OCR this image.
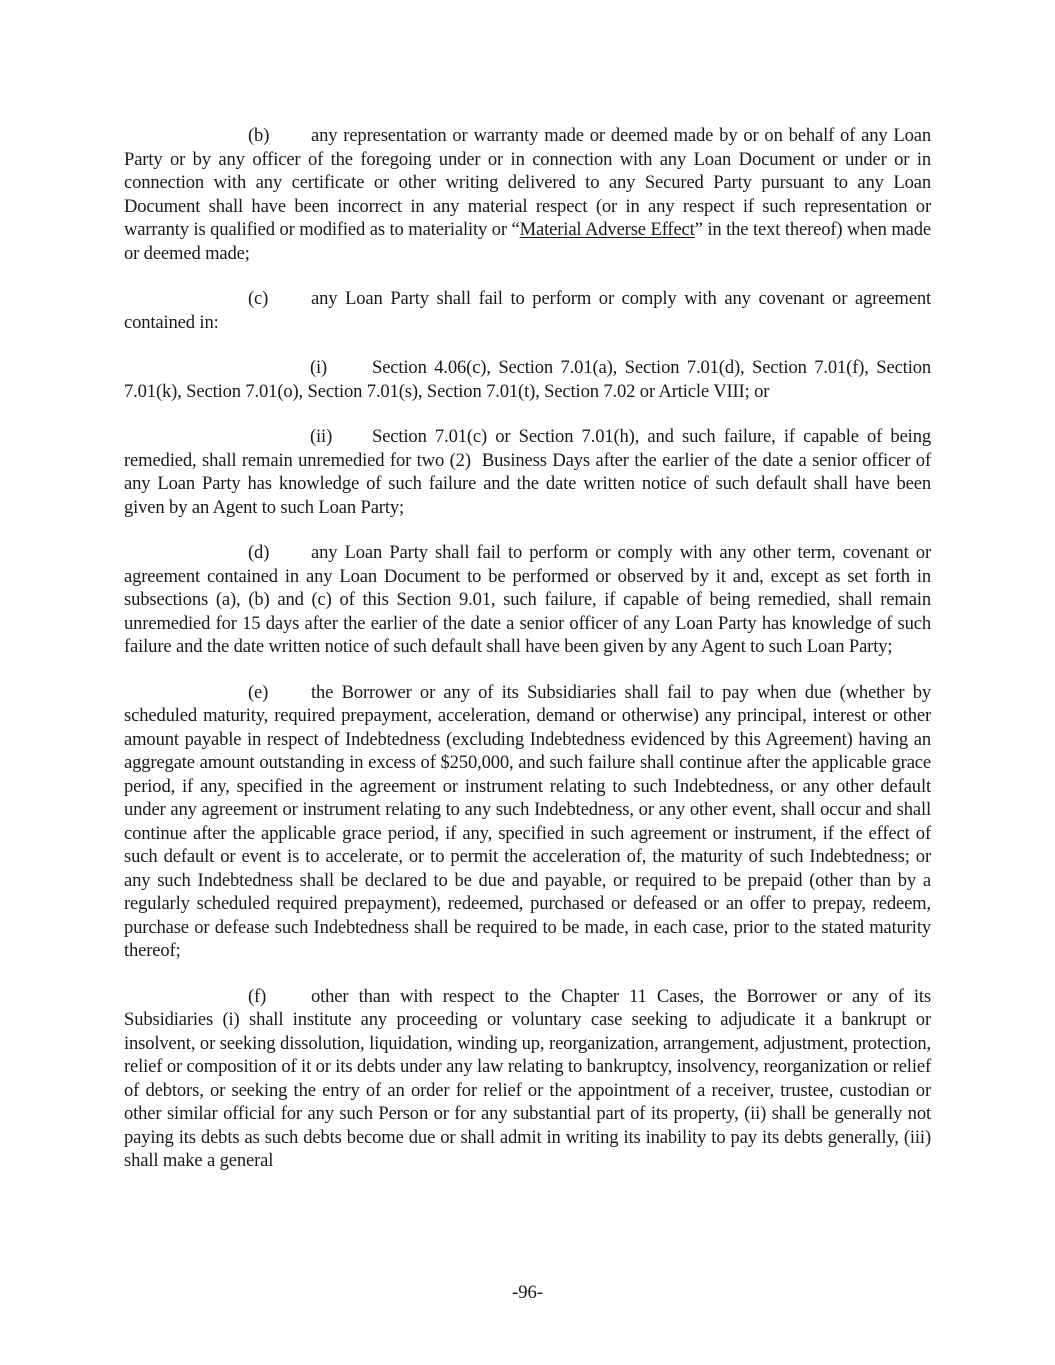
(b) any representation or warranty made or deemed made by or on behalf of any Loan Party or by any officer of the foregoing under or in connection with any Loan Document or under or in connection with any certificate or other writing delivered to any Secured Party pursuant to any Loan Document shall have been incorrect in any material respect (or in any respect if such representation or warranty is qualified or modified as to materiality or “Material Adverse Effect” in the text thereof) when made or deemed made;

(c) any Loan Party shall fail to perform or comply with any covenant or agreement contained in:

(i) Section 4.06(c), Section 7.01(a), Section 7.01(d), Section 7.01(f), Section 7.01(k), Section 7.01(o), Section 7.01(s), Section 7.01(t), Section 7.02 or Article VIII; or

(ii) Section 7.01(c) or Section 7.01(h), and such failure, if capable of being remedied, shall remain unremedied for two (2)  Business Days after the earlier of the date a senior officer of any Loan Party has knowledge of such failure and the date written notice of such default shall have been given by an Agent to such Loan Party;

(d) any Loan Party shall fail to perform or comply with any other term, covenant or agreement contained in any Loan Document to be performed or observed by it and, except as set forth in subsections (a), (b) and (c) of this Section 9.01, such failure, if capable of being remedied, shall remain unremedied for 15 days after the earlier of the date a senior officer of any Loan Party has knowledge of such failure and the date written notice of such default shall have been given by any Agent to such Loan Party;

(e) the Borrower or any of its Subsidiaries shall fail to pay when due (whether by scheduled maturity, required prepayment, acceleration, demand or otherwise) any principal, interest or other amount payable in respect of Indebtedness (excluding Indebtedness evidenced by this Agreement) having an aggregate amount outstanding in excess of $250,000, and such failure shall continue after the applicable grace period, if any, specified in the agreement or instrument relating to such Indebtedness, or any other default under any agreement or instrument relating to any such Indebtedness, or any other event, shall occur and shall continue after the applicable grace period, if any, specified in such agreement or instrument, if the effect of such default or event is to accelerate, or to permit the acceleration of, the maturity of such Indebtedness; or any such Indebtedness shall be declared to be due and payable, or required to be prepaid (other than by a regularly scheduled required prepayment), redeemed, purchased or defeased or an offer to prepay, redeem, purchase or defease such Indebtedness shall be required to be made, in each case, prior to the stated maturity thereof;

(f) other than with respect to the Chapter 11 Cases, the Borrower or any of its Subsidiaries (i) shall institute any proceeding or voluntary case seeking to adjudicate it a bankrupt or insolvent, or seeking dissolution, liquidation, winding up, reorganization, arrangement, adjustment, protection, relief or composition of it or its debts under any law relating to bankruptcy, insolvency, reorganization or relief of debtors, or seeking the entry of an order for relief or the appointment of a receiver, trustee, custodian or other similar official for any such Person or for any substantial part of its property, (ii) shall be generally not paying its debts as such debts become due or shall admit in writing its inability to pay its debts generally, (iii) shall make a general

-96-
